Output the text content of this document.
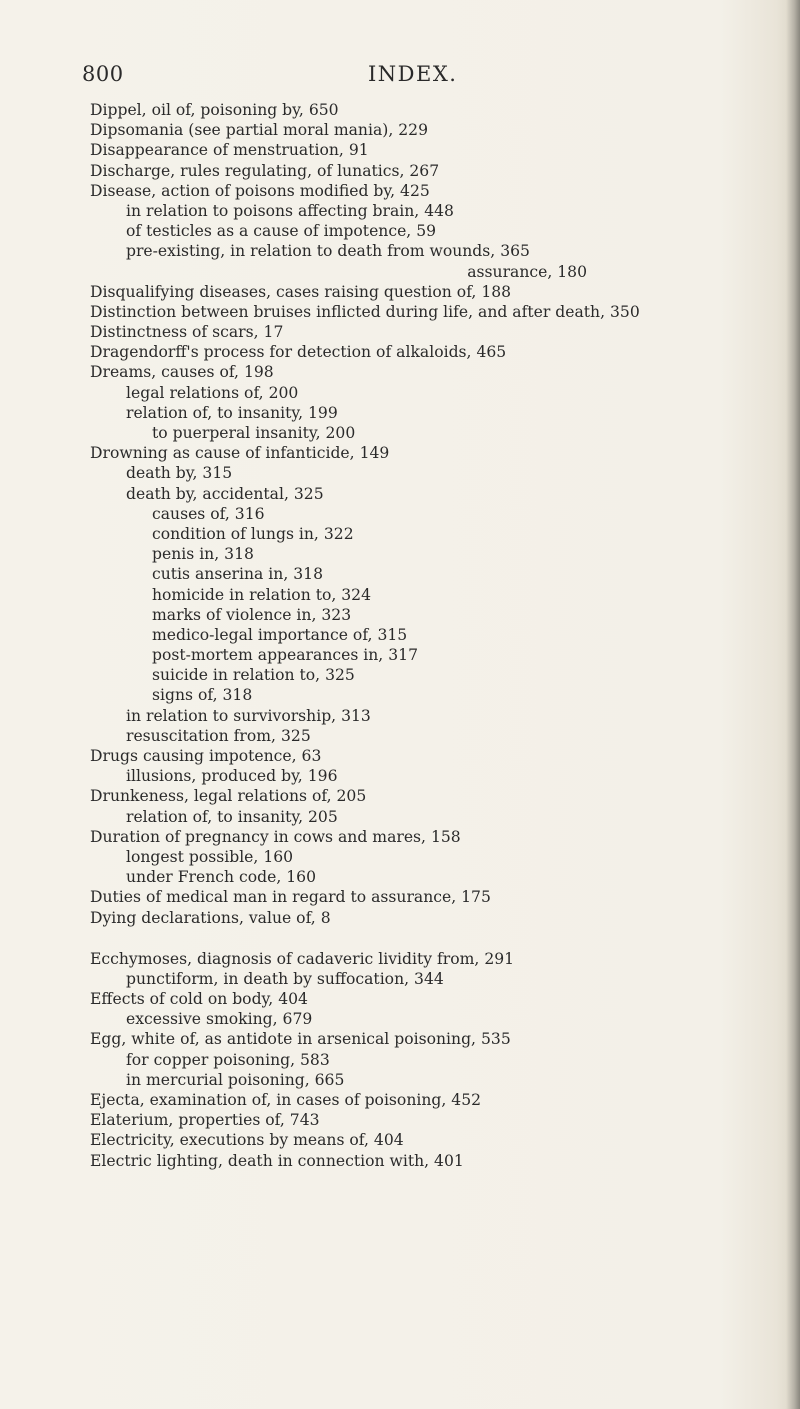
800	INDEX.
Dippel, oil of, poisoning by, 650
Dipsomania (see partial moral mania), 229
Disappearance of menstruation, 91
Discharge, rules regulating, of lunatics, 267
Disease, action of poisons modified by, 425
in relation to poisons affecting brain, 448
of testicles as a cause of impotence, 59
pre-existing, in relation to death from wounds, 365
assurance, 180
Disqualifying diseases, cases raising question of, 188
Distinction between bruises inflicted during life, and after death, 350
Distinctness of scars, 17
Dragendorff's process for detection of alkaloids, 465
Dreams, causes of, 198
legal relations of, 200
relation of, to insanity, 199
to puerperal insanity, 200
Drowning as cause of infanticide, 149
death by, 315
death by, accidental, 325
causes of, 316
condition of lungs in, 322
penis in, 318
cutis anserina in, 318
homicide in relation to, 324
marks of violence in, 323
medico-legal importance of, 315
post-mortem appearances in, 317
suicide in relation to, 325
signs of, 318
in relation to survivorship, 313
resuscitation from, 325
Drugs causing impotence, 63
illusions, produced by, 196
Drunkeness, legal relations of, 205
relation of, to insanity, 205
Duration of pregnancy in cows and mares, 158
longest possible, 160
under French code, 160
Duties of medical man in regard to assurance, 175
Dying declarations, value of, 8
Ecchymoses, diagnosis of cadaveric lividity from, 291
punctiform, in death by suffocation, 344
Effects of cold on body, 404
excessive smoking, 679
Egg, white of, as antidote in arsenical poisoning, 535
for copper poisoning, 583
in mercurial poisoning, 665
Ejecta, examination of, in cases of poisoning, 452
Elaterium, properties of, 743
Electricity, executions by means of, 404
Electric lighting, death in connection with, 401
